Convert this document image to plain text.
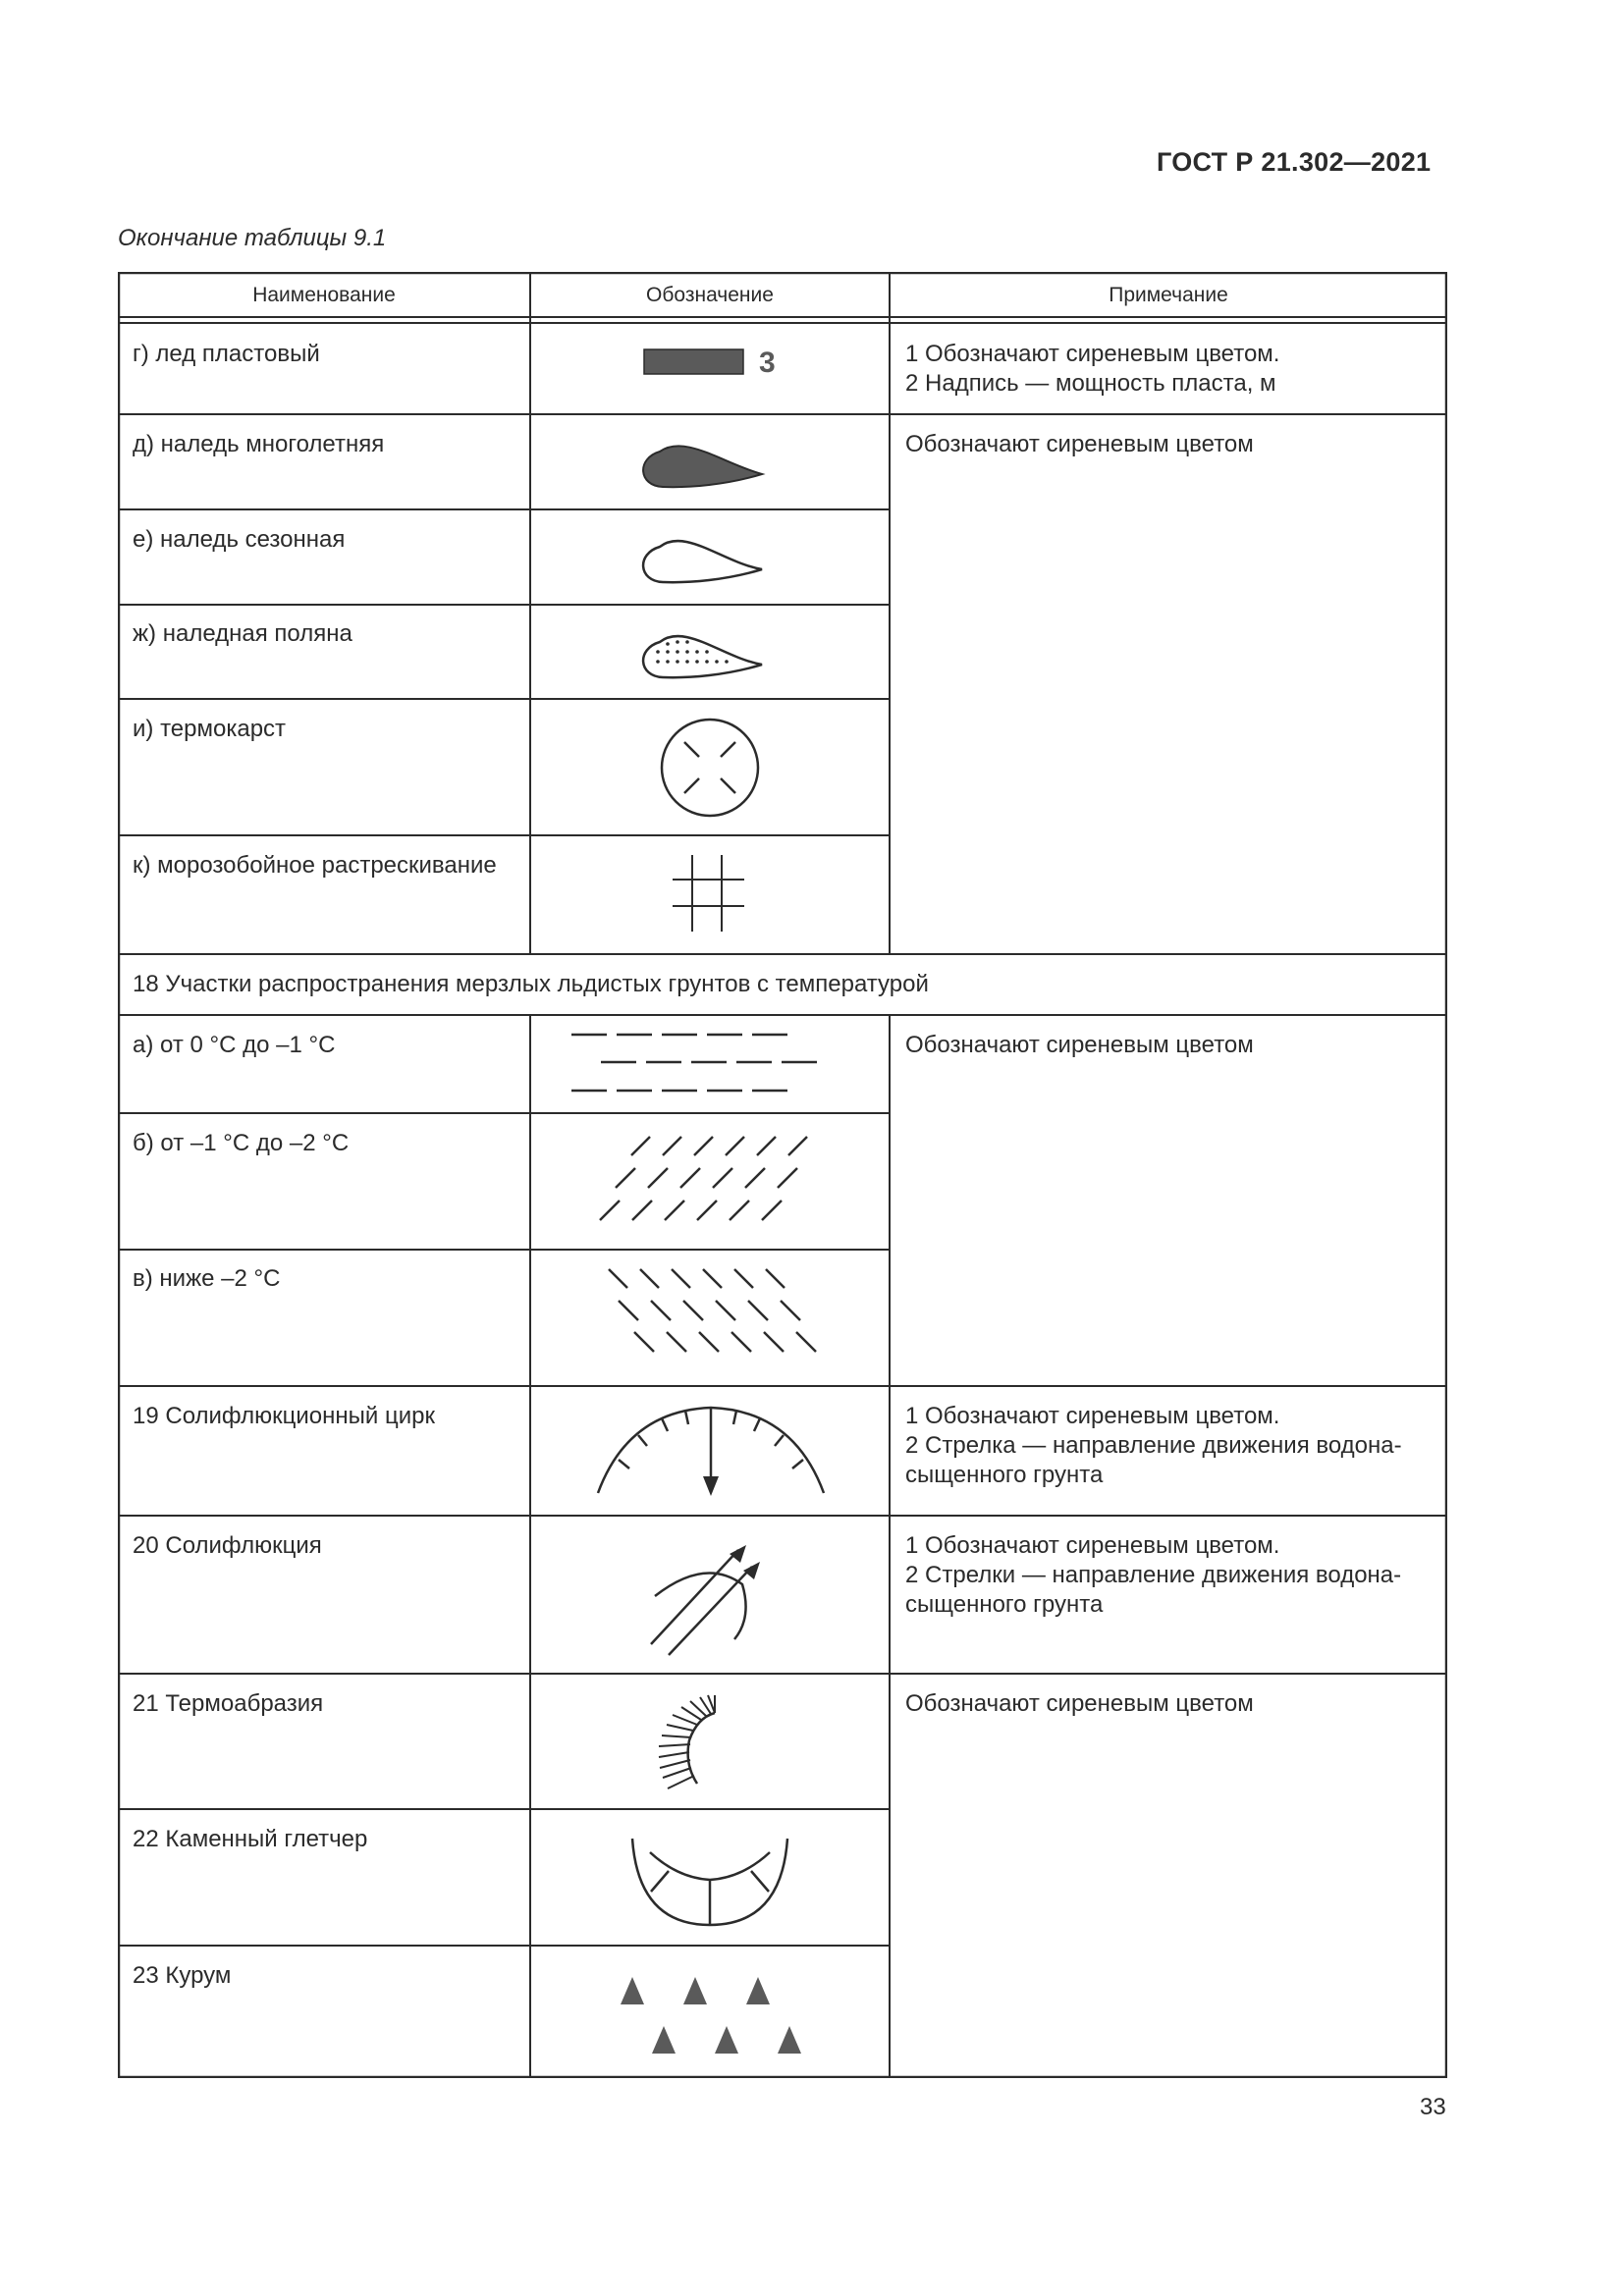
ГОСТ Р 21.302—2021
Окончание таблицы 9.1
Наименование	Обозначение	Примечание
г) лед пластовый
д) наледь многолетняя
е) наледь сезонная
ж) наледная поляна
и) термокарст
к) морозобойное растрескивание
18 Участки распространения мерзлых льдистых грунтов с температурой
а) от 0 °С до –1 °С
б) от –1 °С до –2 °С
в) ниже –2 °С
19 Солифлюкционный цирк
20 Солифлюкция
21 Термоабразия
22 Каменный глетчер
23 Курум
1 Обозначают сиреневым цветом.
2 Надпись — мощность пласта, м
Обозначают сиреневым цветом
Обозначают сиреневым цветом
1 Обозначают сиреневым цветом.
2 Стрелка — направление движения водона-
сыщенного грунта
1 Обозначают сиреневым цветом.
2 Стрелки — направление движения водона-
сыщенного грунта
Обозначают сиреневым цветом
3
33
